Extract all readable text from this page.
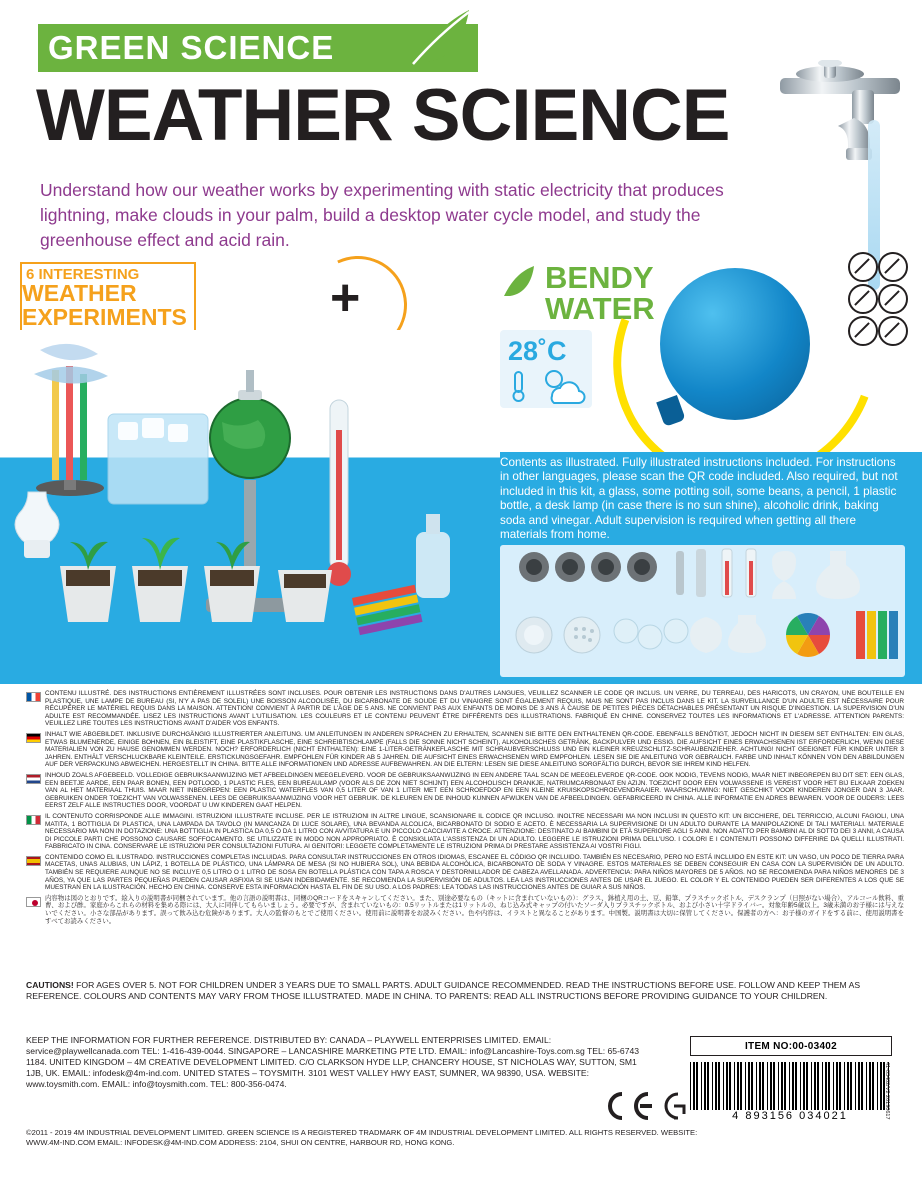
GREEN SCIENCE
WEATHER SCIENCE
Understand how our weather works by experimenting with static electricity that produces lightning, make clouds in your palm, build a desktop water cycle model, and study the greenhouse effect and acid rain.
6 INTERESTING
WEATHER
EXPERIMENTS	+	BENDY
WATER
28˚C
Contents as illustrated. Fully illustrated instructions included. For instructions in other languages, please scan the QR code included. Also required, but not included in this kit, a glass, some potting soil, some beans, a pencil, 1 plastic bottle, a desk lamp (in case there is no sun shine), alcoholic drink, baking soda and vinegar. Adult supervision is required when getting all there materials from home.
CONTENU ILLUSTRÉ. DES INSTRUCTIONS ENTIÈREMENT ILLUSTRÉES SONT INCLUSES. POUR OBTENIR LES INSTRUCTIONS DANS D'AUTRES LANGUES, VEUILLEZ SCANNER LE CODE QR INCLUS. UN VERRE, DU TERREAU, DES HARICOTS, UN CRAYON, UNE BOUTEILLE EN PLASTIQUE, UNE LAMPE DE BUREAU (SI, N'Y A PAS DE SOLEIL) UNE BOISSON ALCOOLISÉE, DU BICARBONATE DE SOUDE ET DU VINAIGRE SONT ÉGALEMENT REQUIS, MAIS NE SONT PAS INCLUS DANS LE KIT. LA SURVEILLANCE D'UN ADULTE EST NÉCESSAIRE POUR RÉCUPÉRER LE MATÉRIEL REQUIS DANS LA MAISON. ATTENTION! CONVIENT À PARTIR DE L'ÂGE DE 5 ANS. NE CONVIENT PAS AUX ENFANTS DE MOINS DE 3 ANS À CAUSE DE PETITES PIÈCES DÉTACHABLES PRÉSENTANT UN RISQUE D'INGESTION. LA SUPERVISION D'UN ADULTE EST RECOMMANDÉE. LISEZ LES INSTRUCTIONS AVANT L'UTILISATION. LES COULEURS ET LE CONTENU PEUVENT ÊTRE DIFFÉRENTS DES ILLUSTRATIONS. FABRIQUÉ EN CHINE. CONSERVEZ TOUTES LES INFORMATIONS ET L'ADRESSE. ATTENTION PARENTS: VEUILLEZ LIRE TOUTES LES INSTRUCTIONS AVANT D'AIDER VOS ENFANTS.
INHALT WIE ABGEBILDET. INKLUSIVE DURCHGÄNGIG ILLUSTRIERTER ANLEITUNG. UM ANLEITUNGEN IN ANDEREN SPRACHEN ZU ERHALTEN, SCANNEN SIE BITTE DEN ENTHALTENEN QR-CODE. EBENFALLS BENÖTIGT, JEDOCH NICHT IN DIESEM SET ENTHALTEN: EIN GLAS, ETWAS BLUMENERDE, EINIGE BOHNEN, EIN BLEISTIFT, EINE PLASTIKFLASCHE, EINE SCHREIBTISCHLAMPE (FALLS DIE SONNE NICHT SCHEINT), ALKOHOLISCHES GETRÄNK, BACKPULVER UND ESSIG. DIE AUFSICHT EINES ERWACHSENEN IST ERFORDERLICH, WENN DIESE MATERIALIEN VON ZU HAUSE GENOMMEN WERDEN. NOCH? ERFORDERLICH (NICHT ENTHALTEN): EINE 1-LITER-GETRÄNKEFLASCHE MIT SCHRAUBVERSCHLUSS UND EIN KLEINER KREUZSCHLITZ-SCHRAUBENZIEHER. ACHTUNG! NICHT GEEIGNET FÜR KINDER UNTER 3 JAHREN. ENTHÄLT VERSCHLUCKBARE KLEINTEILE. ERSTICKUNGSGEFAHR. EMPFOHLEN FÜR KINDER AB 5 JAHREN. DIE AUFSICHT EINES ERWACHSENEN WIRD EMPFOHLEN. LESEN SIE DIE ANLEITUNG VOR GEBRAUCH. FARBE UND INHALT KÖNNEN VON DEN ABBILDUNGEN AUF DER VERPACKUNG ABWEICHEN. HERGESTELLT IN CHINA. BITTE ALLE INFORMATIONEN UND ADRESSE AUFBEWAHREN. AN DIE ELTERN: LESEN SIE DIESE ANLEITUNG SORGFÄLTIG DURCH, BEVOR SIE IHREM KIND HELFEN.
INHOUD ZOALS AFGEBEELD. VOLLEDIGE GEBRUIKSAANWIJZING MET AFBEELDINGEN MEEGELEVERD. VOOR DE GEBRUIKSAANWIJZING IN EEN ANDERE TAAL SCAN DE MEEGELEVERDE QR-CODE. OOK NODIG, TEVENS NODIG, MAAR NIET INBEGREPEN BIJ DIT SET: EEN GLAS, EEN BEETJE AARDE, EEN PAAR BONEN, EEN POTLOOD, 1 PLASTIC FLES, EEN BUREAULAMP (VOOR ALS DE ZON NIET SCHIJNT) EEN ALCOHOLISCH DRANKJE, NATRIUMCARBONAAT EN AZIJN. TOEZICHT DOOR EEN VOLWASSENE IS VEREIST VOOR HET BIJ ELKAAR ZOEKEN VAN AL HET MATERIAAL THUIS. MAAR NIET INBEGREPEN: EEN PLASTIC WATERFLES VAN 0,5 LITER OF VAN 1 LITER MET EEN SCHROEFDOP EN EEN KLEINE KRUISKOPSCHROEVENDRAAIER. WAARSCHUWING: NIET GESCHIKT VOOR KINDEREN JONGER DAN 3 JAAR. GEBRUIKEN ONDER TOEZICHT VAN VOLWASSENEN. LEES DE GEBRUIKSAANWIJZING VOOR HET GEBRUIK. DE KLEUREN EN DE INHOUD KUNNEN AFWIJKEN VAN DE AFBEELDINGEN. GEFABRICEERD IN CHINA. ALLE INFORMATIE EN ADRES BEWAREN. VOOR DE OUDERS: LEES EERST ZELF ALLE INSTRUCTIES DOOR, VOORDAT U UW KINDEREN GAAT HELPEN.
IL CONTENUTO CORRISPONDE ALLE IMMAGINI. ISTRUZIONI ILLUSTRATE INCLUSE. PER LE ISTRUZIONI IN ALTRE LINGUE, SCANSIONARE IL CODICE QR INCLUSO. INOLTRE NECESSARI MA NON INCLUSI IN QUESTO KIT: UN BICCHIERE, DEL TERRICCIO, ALCUNI FAGIOLI, UNA MATITA, 1 BOTTIGLIA DI PLASTICA, UNA LAMPADA DA TAVOLO (IN MANCANZA DI LUCE SOLARE), UNA BEVANDA ALCOLICA, BICARBONATO DI SODIO E ACETO. È NECESSARIA LA SUPERVISIONE DI UN ADULTO DURANTE LA MANIPOLAZIONE DI TALI MATERIALI. MATERIALE NECESSARIO MA NON IN DOTAZIONE: UNA BOTTIGLIA IN PLASTICA DA 0,5 O DA 1 LITRO CON AVVITATURA E UN PICCOLO CACCIAVITE A CROCE. ATTENZIONE: DESTINATO AI BAMBINI DI ETÀ SUPERIORE AGLI 5 ANNI. NON ADATTO PER BAMBINI AL DI SOTTO DEI 3 ANNI, A CAUSA DI PICCOLE PARTI CHE POSSONO CAUSARE SOFFOCAMENTO. SE UTILIZZATE IN MODO NON APPROPRIATO. È CONSIGLIATA L'ASSISTENZA DI UN ADULTO. LEGGERE LE ISTRUZIONI PRIMA DELL'USO. I COLORI E I CONTENUTI POSSONO DIFFERIRE DA QUELLI ILLUSTRATI. FABBRICATO IN CINA. CONSERVARE LE ISTRUZIONI PER CONSULTAZIONI FUTURA. AI GENITORI: LEGGETE COMPLETAMENTE LE ISTRUZIONI PRIMA DI PRESTARE ASSISTENZA AI VOSTRI FIGLI.
CONTENIDO COMO EL ILUSTRADO. INSTRUCCIONES COMPLETAS INCLUIDAS. PARA CONSULTAR INSTRUCCIONES EN OTROS IDIOMAS, ESCANEE EL CÓDIGO QR INCLUIDO. TAMBIÉN ES NECESARIO, PERO NO ESTÁ INCLUIDO EN ESTE KIT: UN VASO, UN POCO DE TIERRA PARA MACETAS, UNAS ALUBIAS, UN LÁPIZ, 1 BOTELLA DE PLÁSTICO, UNA LÁMPARA DE MESA (SI NO HUBIERA SOL), UNA BEBIDA ALCOHÓLICA, BICARBONATO DE SODA Y VINAGRE. ESTOS MATERIALES SE DEBEN CONSEGUIR EN CASA CON LA SUPERVISIÓN DE UN ADULTO. TAMBIÉN SE REQUIERE AUNQUE NO SE INCLUYE 0,5 LITRO O 1 LITRO DE SOSA EN BOTELLA PLÁSTICA CON TAPA A ROSCA Y DESTORNILLADOR DE CABEZA AVELLANADA. ADVERTENCIA: PARA NIÑOS MAYORES DE 5 AÑOS. NO SE RECOMIENDA PARA NIÑOS MENORES DE 3 AÑOS, YA QUE LAS PARTES PEQUEÑAS PUEDEN CAUSAR ASFIXIA SI SE USAN INDEBIDAMENTE. SE RECOMIENDA LA SUPERVISIÓN DE ADULTOS. LEA LAS INSTRUCCIONES ANTES DE USAR EL JUEGO. EL COLOR Y EL CONTENIDO PUEDEN SER DIFERENTES A LOS QUE SE MUESTRAN EN LA ILUSTRACIÓN. HECHO EN CHINA. CONSERVE ESTA INFORMACIÓN HASTA EL FIN DE SU USO. A LOS PADRES: LEA TODAS LAS INSTRUCCIONES ANTES DE GUIAR A SUS NIÑOS.
内容物は図のとおりです。絵入りの説明書が同梱されています。他の言語の説明書は、同梱のQRコードをスキャンしてください。また、別途必要なもの（キットに含まれていないもの）：グラス、鉢植え用の土、豆、鉛筆、プラスチックボトル、デスクランプ（日照がない場合）、アルコール飲料、重曹、および酢。家庭からこれらの材料を集める際には、大人に同伴してもらいましょう。必要ですが、含まれていないもの：0.5リットルまたは1リットルの、ねじ込み式キャップの付いたソーダ入りプラスチックボトル、および小さい十字ドライバー。対象年齢5歳以上。3歳未満のお子様には与えないでください。小さな部品があります。誤って飲み込む危険があります。大人の監督のもとでご使用ください。使用前に説明書をお読みください。色や内容は、イラストと異なることがあります。中国製。説明書は大切に保管してください。保護者の方へ：お子様のガイドをする前に、使用説明書をすべてお読みください。
CAUTIONS! FOR AGES OVER 5. NOT FOR CHILDREN UNDER 3 YEARS DUE TO SMALL PARTS. ADULT GUIDANCE RECOMMENDED. READ THE INSTRUCTIONS BEFORE USE. FOLLOW AND KEEP THEM AS REFERENCE. COLOURS AND CONTENTS MAY VARY FROM THOSE ILLUSTRATED. MADE IN CHINA. TO PARENTS: READ ALL INSTRUCTIONS BEFORE PROVIDING GUIDANCE TO YOUR CHILDREN.
KEEP THE INFORMATION FOR FURTHER REFERENCE. DISTRIBUTED BY: CANADA – PLAYWELL ENTERPRISES LIMITED. EMAIL: service@playwellcanada.com TEL: 1-416-439-0044. SINGAPORE – LANCASHIRE MARKETING PTE LTD. EMAIL: info@Lancashire-Toys.com.sg TEL: 65-6743 1184. UNITED KINGDOM – 4M CREATIVE DEVELOPMENT LIMITED. C/O CLARKSON HYDE LLP, CHANCERY HOUSE, ST NICHOLAS WAY, SUTTON, SM1 1JB, UK. EMAIL: infodesk@4m-ind.com. UNITED STATES – TOYSMITH. 3101 WEST VALLEY HWY EAST, SUMNER, WA 98390, USA. WEBSITE: www.toysmith.com. EMAIL: info@toysmith.com. TEL: 800-356-0474.
ITEM NO:00-03402
4 893156 034021	41-03402/V2 20190617
©2011 - 2019 4M INDUSTRIAL DEVELOPMENT LIMITED. GREEN SCIENCE IS A REGISTERED TRADMARK OF 4M INDUSTRIAL DEVELOPMENT LIMITED. ALL RIGHTS RESERVED. WEBSITE: WWW.4M-IND.COM EMAIL: INFODESK@4M-IND.COM ADDRESS: 2104, SHUI ON CENTRE, HARBOUR RD, HONG KONG.
